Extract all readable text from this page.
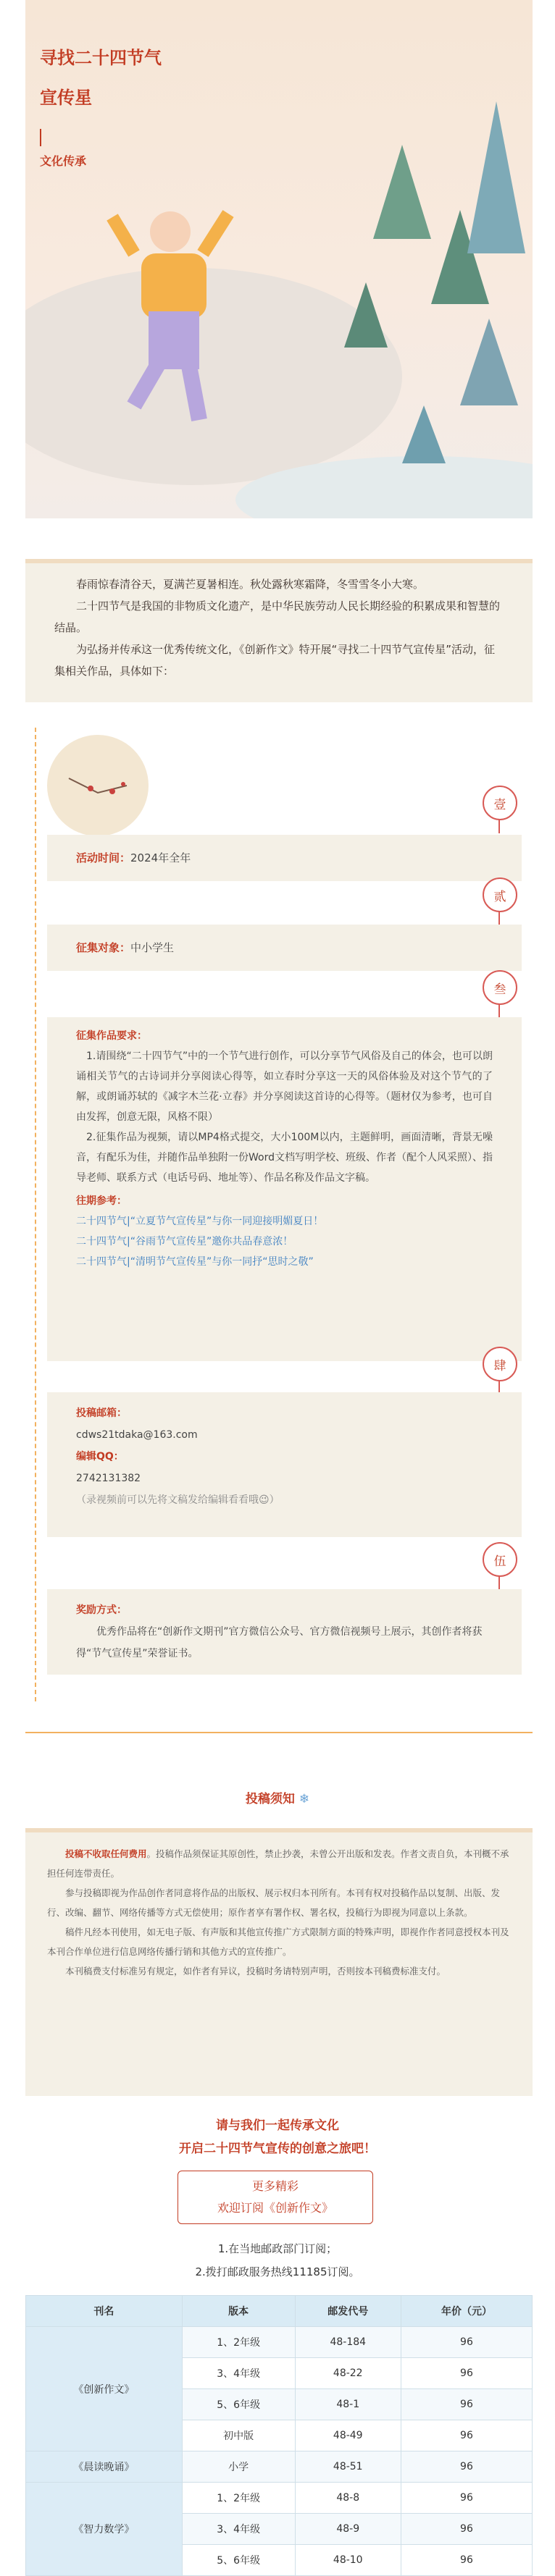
寻找二十四节气
宣传星
文化传承

春雨惊春清谷天，夏满芒夏暑相连。秋处露秋寒霜降，冬雪雪冬小大寒。

二十四节气是我国的非物质文化遗产，是中华民族劳动人民长期经验的积累成果和智慧的结晶。

为弘扬并传承这一优秀传统文化，《创新作文》特开展“寻找二十四节气宣传星”活动，征集相关作品，具体如下：

壹
活动时间：2024年全年
贰
征集对象：中小学生
叁
征集作品要求：
1.请围绕“二十四节气”中的一个节气进行创作，可以分享节气风俗及自己的体会，也可以朗诵相关节气的古诗词并分享阅读心得等，如立春时分享这一天的风俗体验及对这个节气的了解，或朗诵苏轼的《减字木兰花·立春》并分享阅读这首诗的心得等。（题材仅为参考，也可自由发挥，创意无限，风格不限）
2.征集作品为视频，请以MP4格式提交，大小100M以内，主题鲜明，画面清晰，背景无噪音，有配乐为佳，并随作品单独附一份Word文档写明学校、班级、作者（配个人风采照）、指导老师、联系方式（电话号码、地址等）、作品名称及作品文字稿。
往期参考：
二十四节气|“立夏节气宣传星”与你一同迎接明媚夏日！
二十四节气|“谷雨节气宣传星”邀你共品春意浓！
二十四节气|“清明节气宣传星”与你一同抒“思时之敬”
肆
投稿邮箱：
cdws21tdaka@163.com
编辑QQ：
2742131382
（录视频前可以先将文稿发给编辑看看哦😉）
伍
奖励方式：
优秀作品将在“创新作文期刊”官方微信公众号、官方微信视频号上展示，其创作者将获得“节气宣传星”荣誉证书。
投稿须知 ❄

投稿不收取任何费用。投稿作品须保证其原创性，禁止抄袭，未曾公开出版和发表。作者文责自负，本刊概不承担任何连带责任。

参与投稿即视为作品创作者同意将作品的出版权、展示权归本刊所有。本刊有权对投稿作品以复制、出版、发行、改编、翻节、网络传播等方式无偿使用；原作者享有署作权、署名权，投稿行为即视为同意以上条款。

稿件凡经本刊使用，如无电子版、有声版和其他宣传推广方式限制方面的特殊声明，即视作作者同意授权本刊及本刊合作单位进行信息网络传播行销和其他方式的宣传推广。

本刊稿费支付标准另有规定，如作者有异议，投稿时务请特别声明，否则按本刊稿费标准支付。

请与我们一起传承文化
开启二十四节气宣传的创意之旅吧！
更多精彩
欢迎订阅《创新作文》
1.在当地邮政部门订阅；
2.拨打邮政服务热线11185订阅。
刊名	版本	邮发代号	年价（元）
《创新作文》	1、2年级	48-184	96
	3、4年级	48-22	96
	5、6年级	48-1	96
	初中版	48-49	96
《晨读晚诵》	小学	48-51	96
《智力数学》	1、2年级	48-8	96
	3、4年级	48-9	96
	5、6年级	48-10	96
